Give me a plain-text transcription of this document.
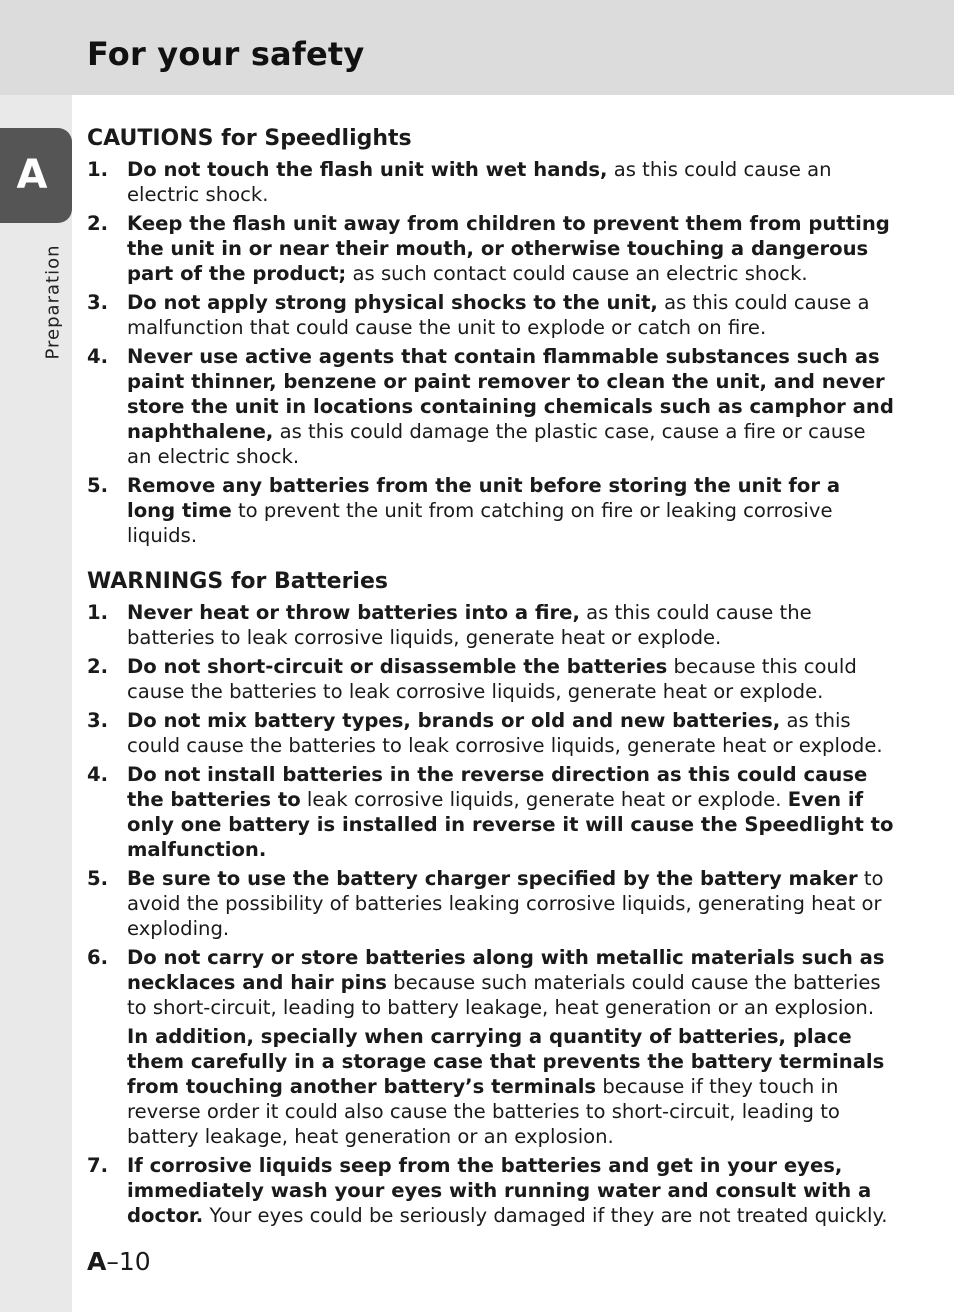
For your safety
A
Preparation
CAUTIONS for Speedlights
1. Do not touch the flash unit with wet hands, as this could cause an electric shock.
2. Keep the flash unit away from children to prevent them from putting the unit in or near their mouth, or otherwise touching a dangerous part of the product; as such contact could cause an electric shock.
3. Do not apply strong physical shocks to the unit, as this could cause a malfunction that could cause the unit to explode or catch on fire.
4. Never use active agents that contain flammable substances such as paint thinner, benzene or paint remover to clean the unit, and never store the unit in locations containing chemicals such as camphor and naphthalene, as this could damage the plastic case, cause a fire or cause an electric shock.
5. Remove any batteries from the unit before storing the unit for a long time to prevent the unit from catching on fire or leaking corrosive liquids.
WARNINGS for Batteries
1. Never heat or throw batteries into a fire, as this could cause the batteries to leak corrosive liquids, generate heat or explode.
2. Do not short-circuit or disassemble the batteries because this could cause the batteries to leak corrosive liquids, generate heat or explode.
3. Do not mix battery types, brands or old and new batteries, as this could cause the batteries to leak corrosive liquids, generate heat or explode.
4. Do not install batteries in the reverse direction as this could cause the batteries to leak corrosive liquids, generate heat or explode. Even if only one battery is installed in reverse it will cause the Speedlight to malfunction.
5. Be sure to use the battery charger specified by the battery maker to avoid the possibility of batteries leaking corrosive liquids, generating heat or exploding.
6. Do not carry or store batteries along with metallic materials such as necklaces and hair pins because such materials could cause the batteries to short-circuit, leading to battery leakage, heat generation or an explosion.
In addition, specially when carrying a quantity of batteries, place them carefully in a storage case that prevents the battery terminals from touching another battery’s terminals because if they touch in reverse order it could also cause the batteries to short-circuit, leading to battery leakage, heat generation or an explosion.
7. If corrosive liquids seep from the batteries and get in your eyes, immediately wash your eyes with running water and consult with a doctor. Your eyes could be seriously damaged if they are not treated quickly.
A–10
